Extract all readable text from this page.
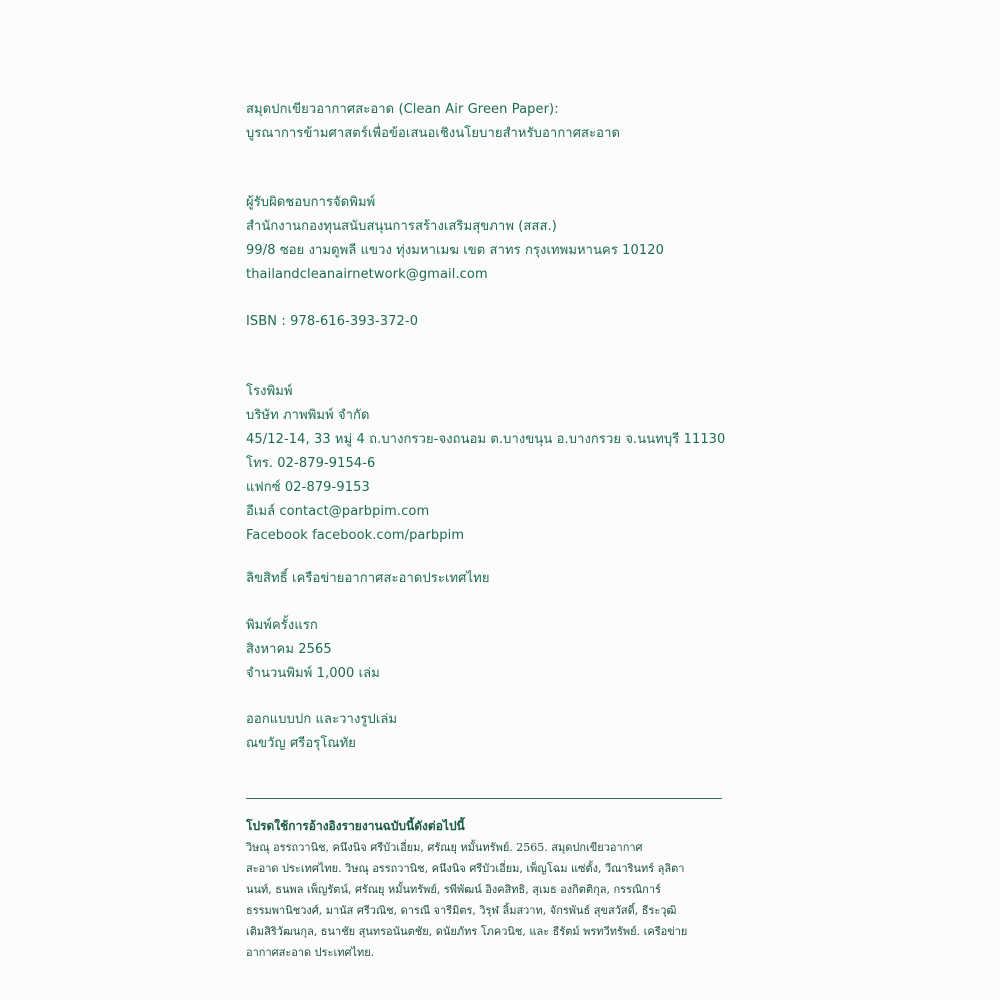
สมุดปกเขียวอากาศสะอาด (Clean Air Green Paper):
บูรณาการข้ามศาสตร์เพื่อข้อเสนอเชิงนโยบายสำหรับอากาศสะอาด
ผู้รับผิดชอบการจัดพิมพ์
สำนักงานกองทุนสนับสนุนการสร้างเสริมสุขภาพ (สสส.)
99/8 ซอย งามดูพลี แขวง ทุ่งมหาเมฆ เขต สาทร กรุงเทพมหานคร 10120
thailandcleanairnetwork@gmail.com
ISBN : 978-616-393-372-0
โรงพิมพ์
บริษัท ภาพพิมพ์ จำกัด
45/12-14, 33 หมู่ 4 ถ.บางกรวย-จงถนอม ต.บางขนุน อ.บางกรวย จ.นนทบุรี 11130
โทร. 02-879-9154-6
แฟกซ์ 02-879-9153
อีเมล์ contact@parbpim.com
Facebook facebook.com/parbpim
ลิขสิทธิ์ เครือข่ายอากาศสะอาดประเทศไทย
พิมพ์ครั้งแรก
สิงหาคม 2565
จำนวนพิมพ์ 1,000 เล่ม
ออกแบบปก และวางรูปเล่ม
ณขวัญ ศรีอรุโณทัย
โปรดใช้การอ้างอิงรายงานฉบับนี้ดังต่อไปนี้
วิษณุ อรรถวานิช, คนึงนิจ ศรีบัวเอี่ยม, ศรัณยุ หมั้นทรัพย์. 2565. สมุดปกเขียวอากาศ
สะอาด ประเทศไทย. วิษณุ อรรถวานิช, คนึงนิจ ศรีบัวเอี่ยม, เพ็ญโฉม แซ่ตั้ง, วีณารินทร์ ลุลิตา
นนท์, ธนพล เพ็ญรัตน์, ศรัณยุ หมั้นทรัพย์, รพีพัฒน์ อิงคสิทธิ, สุเมธ องกิตติกุล, กรรณิการ์
ธรรมพานิชวงศ์, มานัส ศรีวณิช, ดารณี จารีมิตร, วิรุฬ ลิ้มสวาท, จักรพันธ์ สุขสวัสดิ์, ธีระวุฒิ
เติมสิริวัฒนกุล, ธนาชัย สุนทรอนันตชัย, ดนัยภัทร โภควนิช, และ ธีรัตม์ พรทวีทรัพย์. เครือข่าย
อากาศสะอาด ประเทศไทย.
